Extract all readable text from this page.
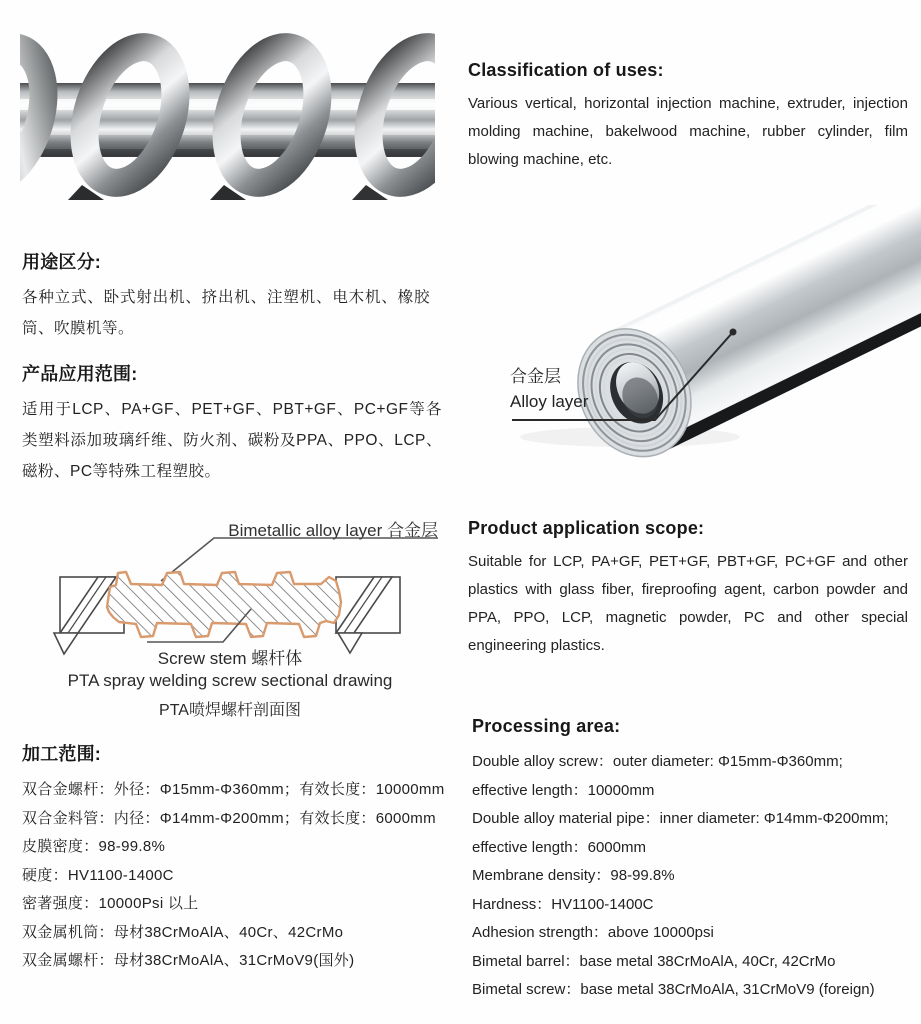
Classification of uses:

Various vertical, horizontal injection machine, extruder, injection molding machine, bakelwood machine, rubber cylinder, film blowing machine, etc.

用途区分:

各种立式、卧式射出机、挤出机、注塑机、电木机、橡胶筒、吹膜机等。

产品应用范围:

适用于LCP、PA+GF、PET+GF、PBT+GF、PC+GF等各类塑料添加玻璃纤维、防火剂、碳粉及PPA、PPO、LCP、磁粉、PC等特殊工程塑胶。

合金层
Alloy layer
Bimetallic alloy layer 合金层
Screw stem 螺杆体
PTA spray welding screw sectional drawing
PTA喷焊螺杆剖面图
Product application scope:

Suitable for LCP, PA+GF, PET+GF, PBT+GF, PC+GF and other plastics with glass fiber, fireproofing agent, carbon powder and PPA, PPO, LCP, magnetic powder, PC and other special engineering plastics.

加工范围:
双合金螺杆：外径：Φ15mm-Φ360mm；有效长度：10000mm
双合金料管：内径：Φ14mm-Φ200mm；有效长度：6000mm
皮膜密度：98-99.8%
硬度：HV1100-1400C
密著强度：10000Psi 以上
双金属机筒：母材38CrMoAlA、40Cr、42CrMo
双金属螺杆：母材38CrMoAlA、31CrMoV9(国外)
Processing area:
Double alloy screw：outer diameter: Φ15mm-Φ360mm;
effective length：10000mm
Double alloy material pipe：inner diameter: Φ14mm-Φ200mm;
effective length：6000mm
Membrane density：98-99.8%
Hardness：HV1100-1400C
Adhesion strength：above 10000psi
Bimetal barrel：base metal 38CrMoAlA, 40Cr, 42CrMo
Bimetal screw：base metal 38CrMoAlA, 31CrMoV9 (foreign)
